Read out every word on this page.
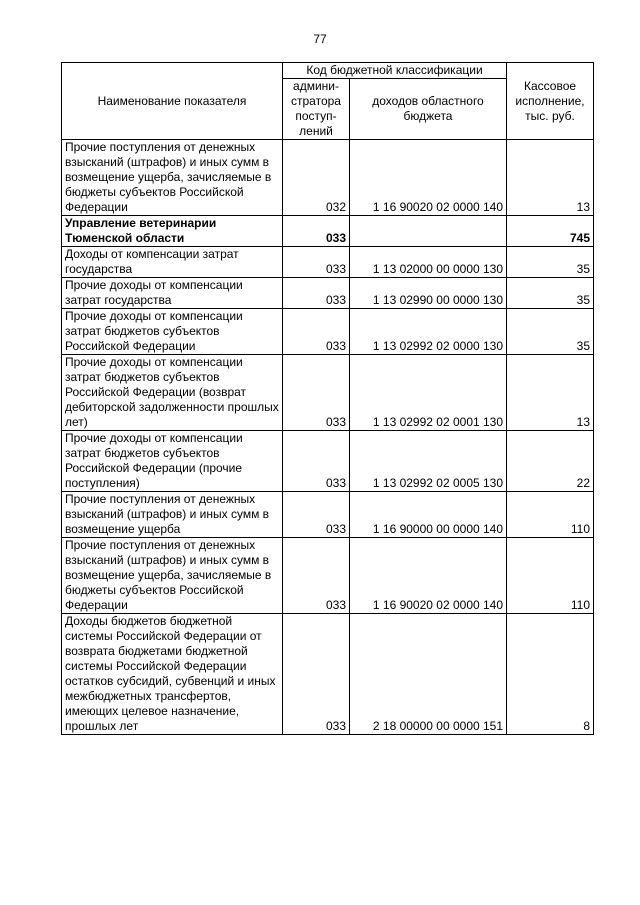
77
Наименование показателя	Код бюджетной классификации		Кассовое исполнение, тыс. руб.
	админи-стратора поступ-лений	доходов областного бюджета	
Прочие поступления от денежных взысканий (штрафов) и иных сумм в возмещение ущерба, зачисляемые в бюджеты субъектов Российской Федерации	032	1 16 90020 02 0000 140	13
Управление ветеринарии Тюменской области	033		745
Доходы от компенсации затрат государства	033	1 13 02000 00 0000 130	35
Прочие доходы от компенсации затрат государства	033	1 13 02990 00 0000 130	35
Прочие доходы от компенсации затрат бюджетов субъектов Российской Федерации	033	1 13 02992 02 0000 130	35
Прочие доходы от компенсации затрат бюджетов субъектов Российской Федерации (возврат дебиторской задолженности прошлых лет)	033	1 13 02992 02 0001 130	13
Прочие доходы от компенсации затрат бюджетов субъектов Российской Федерации (прочие поступления)	033	1 13 02992 02 0005 130	22
Прочие поступления от денежных взысканий (штрафов) и иных сумм в возмещение ущерба	033	1 16 90000 00 0000 140	110
Прочие поступления от денежных взысканий (штрафов) и иных сумм в возмещение ущерба, зачисляемые в бюджеты субъектов Российской Федерации	033	1 16 90020 02 0000 140	110
Доходы бюджетов бюджетной системы Российской Федерации от возврата бюджетами бюджетной системы Российской Федерации остатков субсидий, субвенций и иных межбюджетных трансфертов, имеющих целевое назначение, прошлых лет	033	2 18 00000 00 0000 151	8
